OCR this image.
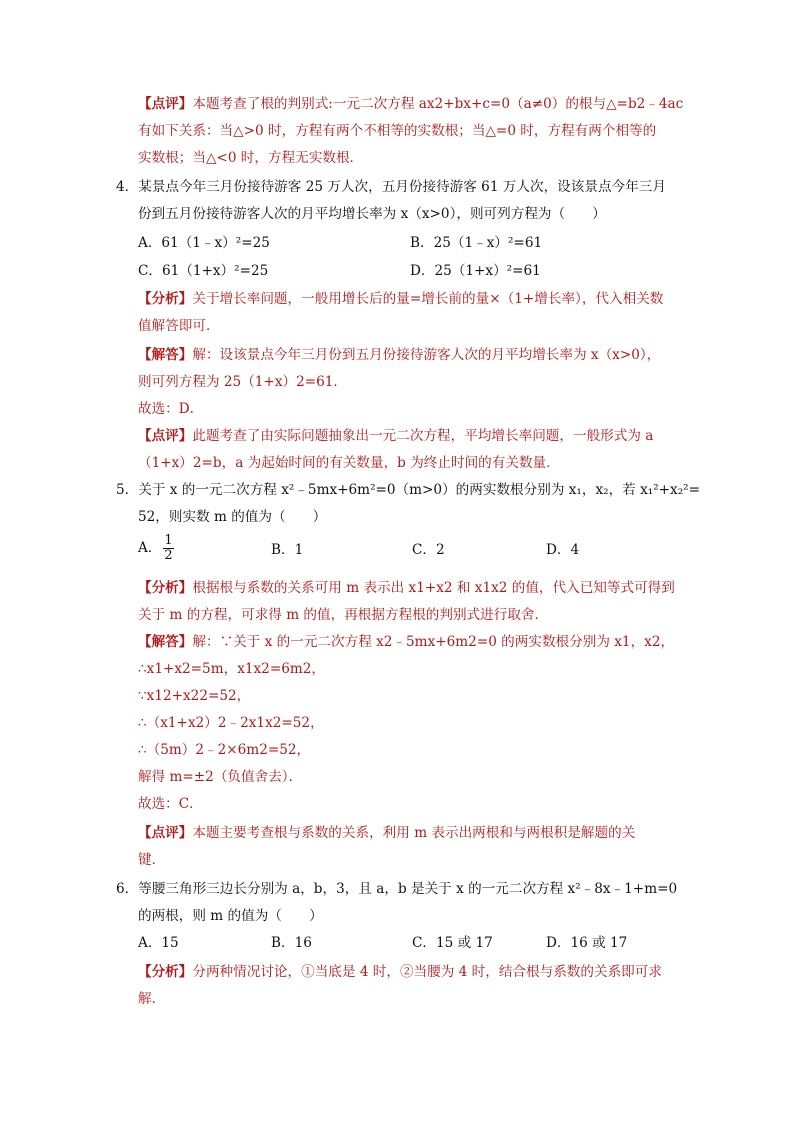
【点评】本题考查了根的判别式:一元二次方程 ax2+bx+c=0（a≠0）的根与△=b2﹣4ac
有如下关系：当△>0 时，方程有两个不相等的实数根；当△=0 时，方程有两个相等的
实数根；当△<0 时，方程无实数根．
4．某景点今年三月份接待游客 25 万人次，五月份接待游客 61 万人次，设该景点今年三月
份到五月份接待游客人次的月平均增长率为 x（x>0），则可列方程为（　　）
A．61（1﹣x）²=25	B．25（1﹣x）²=61
C．61（1+x）²=25	D．25（1+x）²=61
【分析】关于增长率问题，一般用增长后的量=增长前的量×（1+增长率），代入相关数
值解答即可．
【解答】解：设该景点今年三月份到五月份接待游客人次的月平均增长率为 x（x>0），
则可列方程为 25（1+x）2=61．
故选：D．
【点评】此题考查了由实际问题抽象出一元二次方程，平均增长率问题，一般形式为 a
（1+x）2=b，a 为起始时间的有关数量，b 为终止时间的有关数量．
5．关于 x 的一元二次方程 x²﹣5mx+6m²=0（m>0）的两实数根分别为 x₁，x₂，若 x₁²+x₂²=
52，则实数 m 的值为（　　）
A． $\frac{1}{2}$	B．1	C．2	D．4
【分析】根据根与系数的关系可用 m 表示出 x1+x2 和 x1x2 的值，代入已知等式可得到
关于 m 的方程，可求得 m 的值，再根据方程根的判别式进行取舍．
【解答】解：∵关于 x 的一元二次方程 x2﹣5mx+6m2=0 的两实数根分别为 x1，x2，
∴x1+x2=5m，x1x2=6m2，
∵x12+x22=52，
∴（x1+x2）2﹣2x1x2=52，
∴（5m）2﹣2×6m2=52，
解得 m=±2（负值舍去）．
故选：C．
【点评】本题主要考查根与系数的关系，利用 m 表示出两根和与两根积是解题的关
键．
6．等腰三角形三边长分别为 a，b，3，且 a，b 是关于 x 的一元二次方程 x²﹣8x﹣1+m=0
的两根，则 m 的值为（　　）
A．15	B．16	C．15 或 17	D．16 或 17
【分析】分两种情况讨论，①当底是 4 时，②当腰为 4 时，结合根与系数的关系即可求
解．
